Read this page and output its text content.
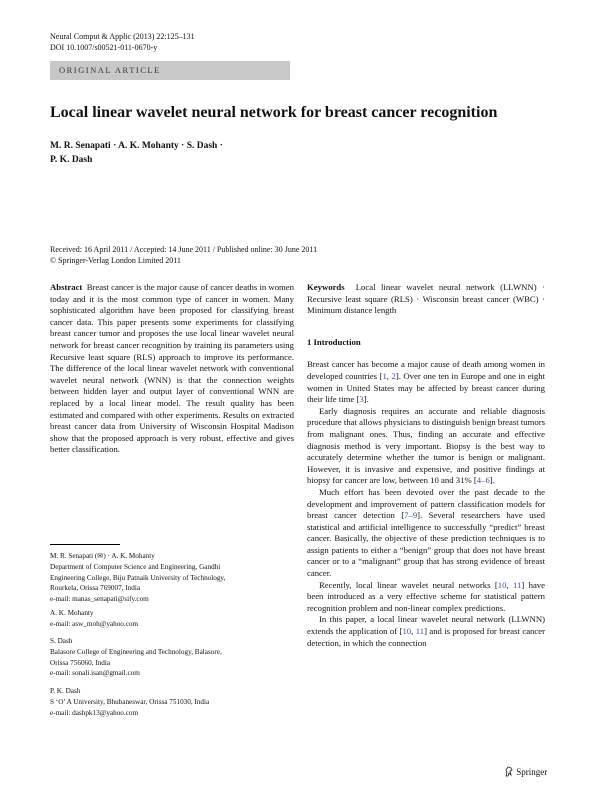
Neural Comput & Applic (2013) 22:125–131
DOI 10.1007/s00521-011-0670-y
ORIGINAL ARTICLE
Local linear wavelet neural network for breast cancer recognition
M. R. Senapati · A. K. Mohanty · S. Dash ·
P. K. Dash
Received: 16 April 2011 / Accepted: 14 June 2011 / Published online: 30 June 2011
© Springer-Verlag London Limited 2011

Abstract Breast cancer is the major cause of cancer deaths in women today and it is the most common type of cancer in women. Many sophisticated algorithm have been proposed for classifying breast cancer data. This paper presents some experiments for classifying breast cancer tumor and proposes the use local linear wavelet neural network for breast cancer recognition by training its parameters using Recursive least square (RLS) approach to improve its performance. The difference of the local linear wavelet network with conventional wavelet neural network (WNN) is that the connection weights between hidden layer and output layer of conventional WNN are replaced by a local linear model. The result quality has been estimated and compared with other experiments. Results on extracted breast cancer data from University of Wisconsin Hospital Madison show that the proposed approach is very robust, effective and gives better classification.

M. R. Senapati (✉) · A. K. Mohanty
Department of Computer Science and Engineering, Gandhi
Engineering College, Biju Patnaik University of Technology,
Rourkela, Orissa 769007, India
e-mail: manas_senapati@sify.com
A. K. Mohanty
e-mail: asw_moh@yahoo.com
S. Dash
Balasore College of Engineering and Technology, Balasore,
Orissa 756060, India
e-mail: sonali.isan@gmail.com
P. K. Dash
S ‘O’ A University, Bhubaneswar, Orissa 751030, India
e-mail: dashpk13@yahoo.com

Keywords Local linear wavelet neural network (LLWNN) · Recursive least square (RLS) · Wisconsin breast cancer (WBC) · Minimum distance length

1 Introduction

Breast cancer has become a major cause of death among women in developed countries [1, 2]. Over one ten in Europe and one in eight women in United States may be affected by breast cancer during their life time [3].

Early diagnosis requires an accurate and reliable diagnosis procedure that allows physicians to distinguish benign breast tumors from malignant ones. Thus, finding an accurate and effective diagnosis method is very important. Biopsy is the best way to accurately determine whether the tumor is benign or malignant. However, it is invasive and expensive, and positive findings at biopsy for cancer are low, between 10 and 31% [4–6].

Much effort has been devoted over the past decade to the development and improvement of pattern classification models for breast cancer detection [7–9]. Several researchers have used statistical and artificial intelligence to successfully “predict” breast cancer. Basically, the objective of these prediction techniques is to assign patients to either a “benign” group that does not have breast cancer or to a “malignant” group that has strong evidence of breast cancer.

Recently, local linear wavelet neural networks [10, 11] have been introduced as a very effective scheme for statistical pattern recognition problem and non-linear complex predictions.

In this paper, a local linear wavelet neural network (LLWNN) extends the application of [10, 11] and is proposed for breast cancer detection, in which the connection

Springer
